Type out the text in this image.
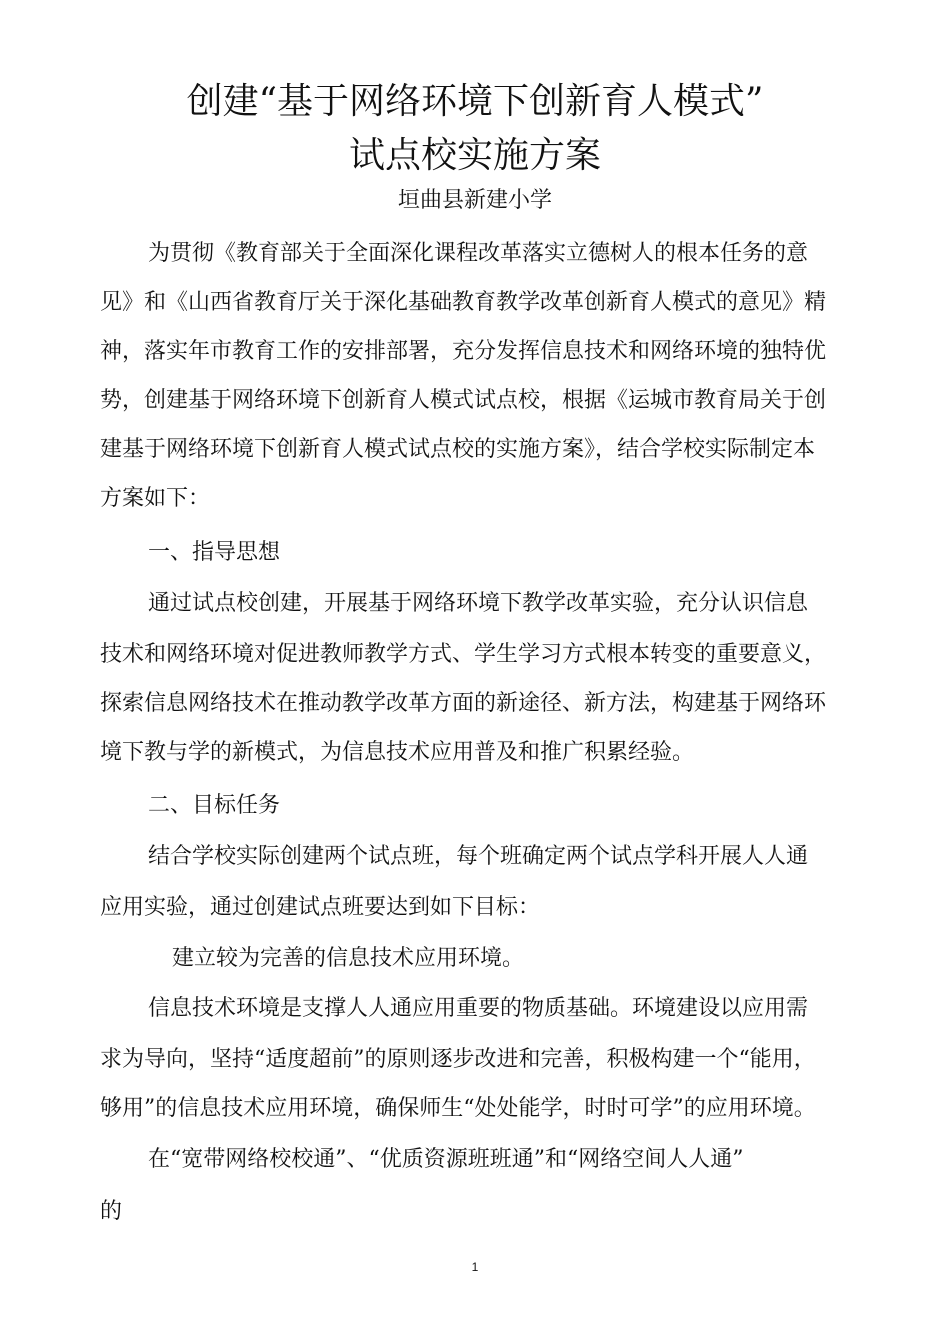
创建“基于网络环境下创新育人模式”
试点校实施方案
垣曲县新建小学
为贯彻《教育部关于全面深化课程改革落实立德树人的根本任务的意
见》和《山西省教育厅关于深化基础教育教学改革创新育人模式的意见》精
神，落实年市教育工作的安排部署，充分发挥信息技术和网络环境的独特优
势，创建基于网络环境下创新育人模式试点校，根据《运城市教育局关于创
建基于网络环境下创新育人模式试点校的实施方案》，结合学校实际制定本
方案如下：
一、指导思想
通过试点校创建，开展基于网络环境下教学改革实验，充分认识信息
技术和网络环境对促进教师教学方式、学生学习方式根本转变的重要意义，
探索信息网络技术在推动教学改革方面的新途径、新方法，构建基于网络环
境下教与学的新模式，为信息技术应用普及和推广积累经验。
二、目标任务
结合学校实际创建两个试点班，每个班确定两个试点学科开展人人通
应用实验，通过创建试点班要达到如下目标：
建立较为完善的信息技术应用环境。
信息技术环境是支撑人人通应用重要的物质基础。环境建设以应用需
求为导向，坚持“适度超前”的原则逐步改进和完善，积极构建一个“能用，
够用”的信息技术应用环境，确保师生“处处能学，时时可学”的应用环境。
在“宽带网络校校通”、“优质资源班班通”和“网络空间人人通”
的
1
